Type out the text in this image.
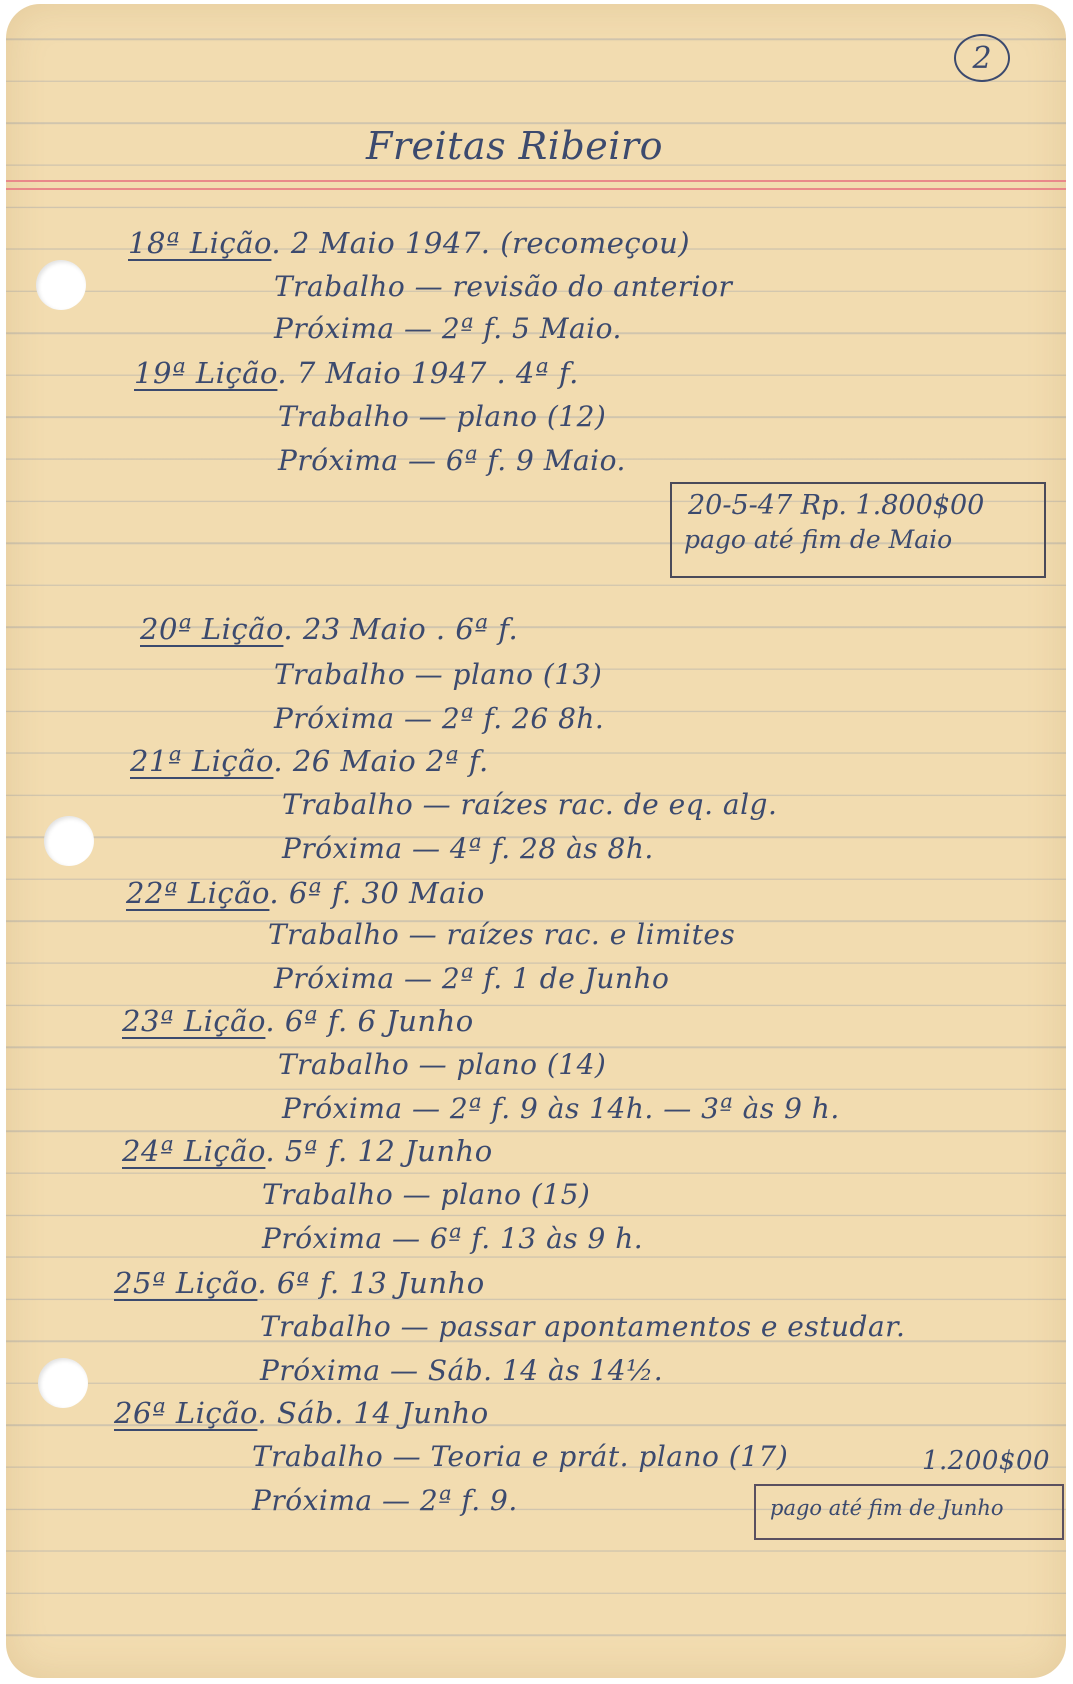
2
Freitas Ribeiro
18ª Lição. 2 Maio 1947. (recomeçou)
Trabalho — revisão do anterior
Próxima — 2ª f. 5 Maio.
19ª Lição. 7 Maio 1947 . 4ª f.
Trabalho — plano (12)
Próxima — 6ª f. 9 Maio.
20-5-47 Rp. 1.800$00
pago até fim de Maio
20ª Lição. 23 Maio . 6ª f.
Trabalho — plano (13)
Próxima — 2ª f. 26 8h.
21ª Lição. 26 Maio 2ª f.
Trabalho — raízes rac. de eq. alg.
Próxima — 4ª f. 28 às 8h.
22ª Lição. 6ª f. 30 Maio
Trabalho — raízes rac. e limites
Próxima — 2ª f. 1 de Junho
23ª Lição. 6ª f. 6 Junho
Trabalho — plano (14)
Próxima — 2ª f. 9 às 14h. — 3ª às 9 h.
24ª Lição. 5ª f. 12 Junho
Trabalho — plano (15)
Próxima — 6ª f. 13 às 9 h.
25ª Lição. 6ª f. 13 Junho
Trabalho — passar apontamentos e estudar.
Próxima — Sáb. 14 às 14½.
26ª Lição. Sáb. 14 Junho
Trabalho — Teoria e prát. plano (17)
Próxima — 2ª f. 9.
1.200$00
pago até fim de Junho
